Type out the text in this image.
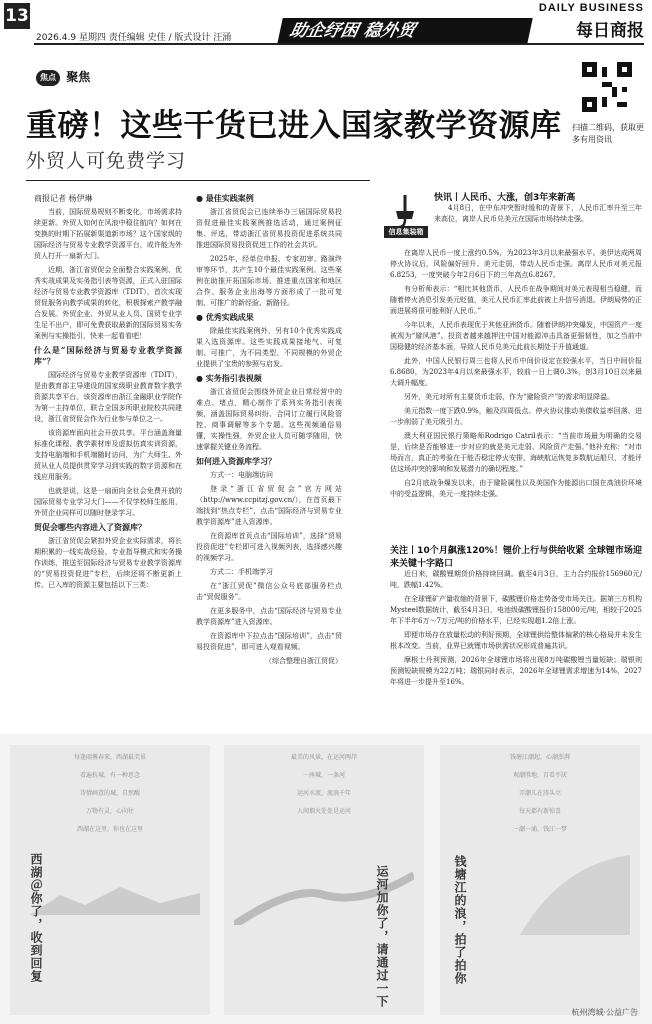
13
2026.4.9 星期四 责任编辑 史佳 / 版式设计 汪涌	助企纾困 稳外贸
DAILY BUSINESS
每日商报
焦点 聚焦
重磅！这些干货已进入国家教学资源库
外贸人可免费学习
扫描二维码，获取更多有用资讯

商报记者 杨伊琳

当前，国际贸易规则不断变化，市场需求持续更新。外贸人如何在风浪中稳住航向？如何在变换的时期下拓展新渠道新市场？这个国家级的国际经济与贸易专业教学资源平台，或许能为外贸人打开一扇新大门。

近期，浙江省贸促会全面整合实践案例、优秀实战成果及实务指引表等资源，正式入驻国际经济与贸易专业教学资源库（TDIT），首次实现贸促服务向教学成果的转化，积极探索产教学融合发展。外贸企业、外贸从业人员、国贸专业学生足不出户，即可免费获取最新的国际贸易实务案例与实操指引，快来一起看看吧！

什么是“国际经济与贸易专业教学资源库”？

国际经济与贸易专业教学资源库（TDIT），是由教育部主导建设的国家级职业教育数字教学资源共享平台。该资源库由浙江金融职业学院作为第一主持单位，联合全国多所职业院校共同建设，浙江省贸促会作为行业参与单位之一。

该资源库面向社会开放共享。平台涵盖海量标准化课程、教学素材库及虚拟仿真实训资源，支持电脑端和手机端随时访问，为广大师生、外贸从业人员提供贯穿学习到实践的数字资源和在线应用服务。

也就是说，这是一扇面向全社会免费开放的国际贸易专业学习大门——不仅学校师生能用，外贸企业同样可以随时登录学习。

贸促会哪些内容进入了资源库？

浙江省贸促会紧扣外贸企业实际需求，将长期积累的一线实战经验、专业指导模式和实务操作训练，推送至国际经济与贸易专业教学资源库的“贸易投资促进”专栏，后续还将不断更新上传。已入库的资源主要包括以下三类：

● 最佳实践案例

浙江省贸促会已连续举办三届国际贸易投资促进最佳实践案例推选活动，通过案例征集、评选，带动浙江省贸易投资促进系统共同推进国际贸易投资促进工作的社会共识。

2025年，经单位申报、专家初审、路演终审等环节，共产生10个最佳实践案例。这些案例在助推开拓国际市场、推进重点国家和地区合作、服务企业出海等方面形成了一批可复制、可推广的新经验、新路径。

● 优秀实践成果

除最佳实践案例外，另有10个优秀实践成果入选资源库。这些实践成果接地气、可复制、可推广，为不同类型、不同规模的外贸企业提供了宝贵的参照与启发。

● 实务指引表视频

浙江省贸促会围绕外贸企业日常经营中的难点、堵点，精心制作了系列实务指引表视频，涵盖国际贸易纠纷、合同订立履行风险管控、商事调解等多个专题。这些视频通俗易懂，实操性强，外贸企业人员可随学随用，快速掌握关键业务流程。

如何进入资源库学习？

方式一：电脑端访问

登录“浙江省贸促会”官方网站（http://www.ccpitzj.gov.cn/），在首页最下端找到“热点专栏”，点击“国际经济与贸易专业教学资源库”进入资源库。

在资源库首页点击“国际培训”，选择“贸易投资促进”专栏即可进入视频列表，选择感兴趣的视频学习。

方式二：手机端学习

在“浙江贸促”微信公众号底部服务栏点击“贸促服务”。

在更多服务中，点击“国际经济与贸易专业教学资源库”进入资源库。

在资源库中下拉点击“国际培训”，点击“贸易投资促进”，即可进入观看视频。

（综合整理自浙江贸促）

信息集装箱
快讯丨人民币、大涨，创3年来新高

4月8日，在中东冲突暂时缓和的背景下，人民币汇率升至三年来高位，离岸人民币兑美元在国际市场持续走强。

在离岸人民币一度上涨约0.5%，为2023年3月以来最强水平。美伊达成两周停火协议后，风险偏好回升、美元走弱，带动人民币走强。离岸人民币对美元报6.8253，一度突破今年2月6日下的三年高点6.8267。

有分析师表示：“相比其他货币，人民币在战争期间对美元表现相当稳健，而随着停火消息引发美元贬值，美元人民币汇率此前被上升信号消退。伊朗局势的正面进展将很可能利好人民币。”

今年以来，人民币表现优于其他亚洲货币。随着伊朗冲突爆发，中国资产一度被视为“避风港”。投资者越来越押注中国对能源冲击具备更强韧性，加之当前中国稳健的经济基本面，导致人民币兑美元此前长期处于升值通道。

此外，中国人民银行周三也将人民币中间价设定在较强水平，当日中间价报6.8680，为2023年4月以来最强水平，较前一日上调0.3%，创3月10日以来最大调升幅度。

另外，美元对所有主要货币走弱，作为“避险资产”的需求明显降温。

美元指数一度下跌0.9%，触及四周低点。停火协议推动美债收益率回落，进一步削弱了美元吸引力。

澳大利亚国民银行策略师Rodrigo Catril表示：“当前市场最为明确的交易是，后续是否能够进一步对应的就是美元走弱、风险资产走强。”他补充称：“对市场而言，真正的考验在于能否稳定停火安排，海峡航运恢复多数航运船只，才能评估这场冲突的影响和发展潜力的确切程度。”

自2月底战争爆发以来，由于避险属性以及美国作为能源出口国在高油价环境中的受益逻辑，美元一度持续走强。

关注丨10个月飙涨120%！锂价上行与供给收紧 全球锂市场迎来关键十字路口

近日来，碳酸锂期货价格持续回调。截至4月3日，主力合约报价156960元/吨，跌幅1.42%。

在全球锂矿产量收缩的背景下，碳酸锂价格走势备受市场关注。据第三方机构Mysteel数据统计，截至4月3日，电池级碳酸锂报价158000元/吨，相较于2025年下半年6万～7万元/吨的价格水平，已经实现超1.2倍上涨。

即便市场存在放量松动的利好预期，全球锂供给整体偏紧的核心格局并未发生根本改变。当前，业界已就锂市场供需状况形成普遍共识。

摩根士丹利预测，2026年全球锂市场将出现8万吨碳酸锂当量短缺；瑞银则预测短缺规模为22万吨；瑞银同时表示，2026年全球锂需求增速为14%，2027年将进一步提升至16%。

每逢雨雾春来，西湖最美景
看遍杭城，有一种思念
诗情画意的城，自然醒
万物有灵，心向往
西湖在这里，你也在这里
西湖＠你了，收到回复
最美的风景，在运河两岸
一座城，一条河
运河水流，流淌千年
人间烟火处处是运河
运河加你了，请通过一下
钱塘江潮起，心潮澎湃
观潮胜地，百看不厌
弄潮儿在涛头立
每天都有新惊喜
一潮一涌，钱江一梦
钱塘江的浪，拍了拍你
杭州湾城·公益广告
